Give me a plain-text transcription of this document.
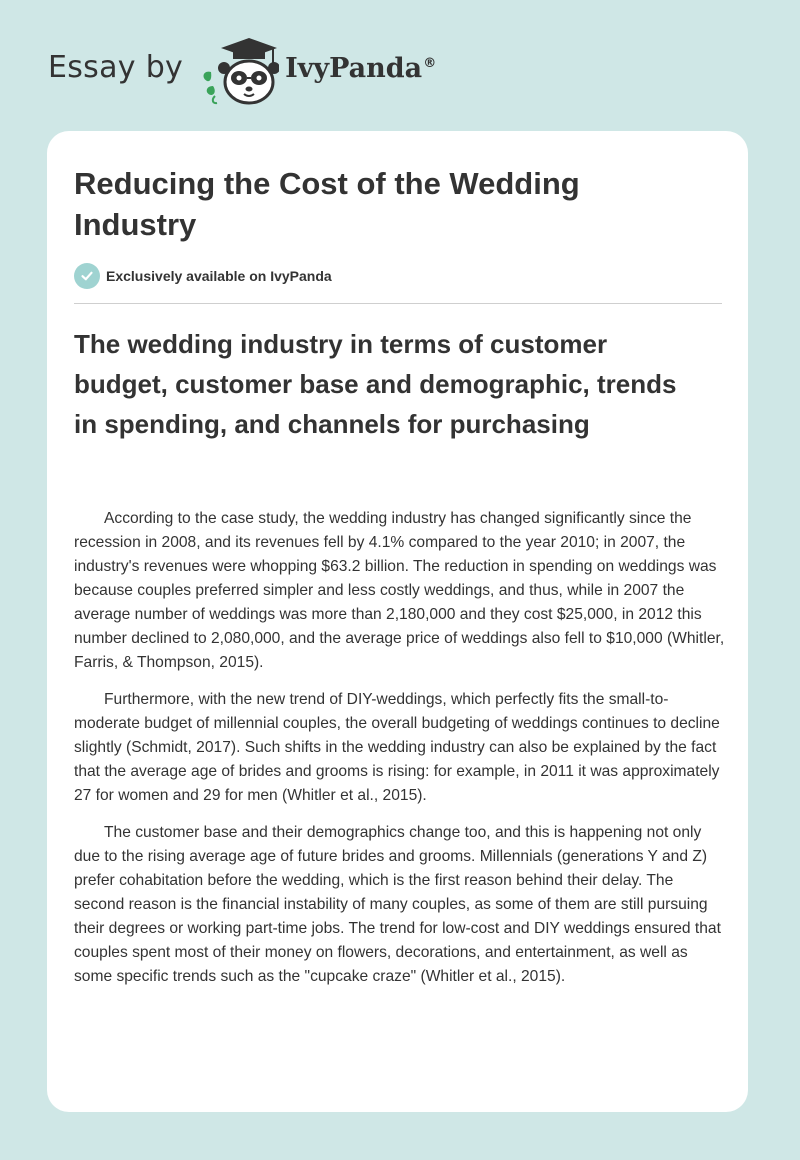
Essay by	IvyPanda®
Reducing the Cost of the Wedding Industry
Exclusively available on IvyPanda
The wedding industry in terms of customer budget, customer base and demographic, trends in spending, and channels for purchasing

According to the case study, the wedding industry has changed significantly since the recession in 2008, and its revenues fell by 4.1% compared to the year 2010; in 2007, the industry's revenues were whopping $63.2 billion. The reduction in spending on weddings was because couples preferred simpler and less costly weddings, and thus, while in 2007 the average number of weddings was more than 2,180,000 and they cost $25,000, in 2012 this number declined to 2,080,000, and the average price of weddings also fell to $10,000 (Whitler, Farris, & Thompson, 2015).

Furthermore, with the new trend of DIY-weddings, which perfectly fits the small-to-moderate budget of millennial couples, the overall budgeting of weddings continues to decline slightly (Schmidt, 2017). Such shifts in the wedding industry can also be explained by the fact that the average age of brides and grooms is rising: for example, in 2011 it was approximately 27 for women and 29 for men (Whitler et al., 2015).

The customer base and their demographics change too, and this is happening not only due to the rising average age of future brides and grooms. Millennials (generations Y and Z) prefer cohabitation before the wedding, which is the first reason behind their delay. The second reason is the financial instability of many couples, as some of them are still pursuing their degrees or working part-time jobs. The trend for low-cost and DIY weddings ensured that couples spent most of their money on flowers, decorations, and entertainment, as well as some specific trends such as the "cupcake craze" (Whitler et al., 2015).
